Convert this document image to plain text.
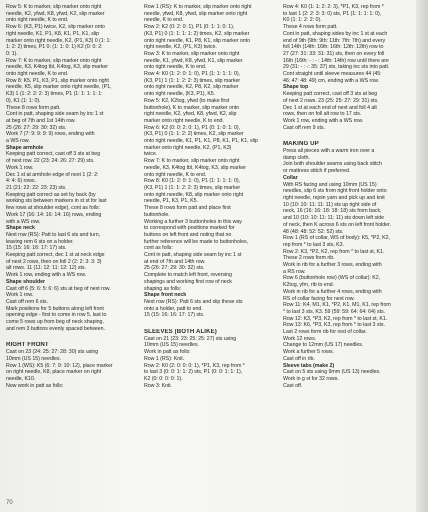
Row 5: K to marker, slip marker onto right
needle, K2, yfwd, K8, yfwd, K2, slip marker
onto right needle, K to end.
Row 6: (K3, P1) twice, K2, slip marker onto
right needle, K1, P1, K8, K1, P1, K1, slip
marker onto right needle, K2, (P1, K3) 0 (1: 1:
1: 2: 2) times, P1 0: (1: 1: 0: 1) K2 (0: 0: 2:
0: 1).
Row 7: K to marker, slip marker onto right
needle, K3, K4tog tbl, K4tog, K3, slip marker
onto right needle, K to end.
Row 8: K5, P1, K3, P1, slip marker onto right
needle, K5, slip marker onto right needle, (P1,
K3) 1 (1: 2: 2: 2: 3) times, P1 (1: 1: 1: 1: 1:
0), K1 (1: 1: 0).
These 8 rows form patt.
Cont in patt, shaping side seam by inc 1 st
at beg of 7th and 1st 14th row.
25 (26: 27: 29: 30: 32) sts.
Work 7 (7: 9: 9: 9: 9) rows, ending with
a WS row.
Shape armhole
Keeping patt correct, cast off 3 sts at beg
of next row. 22 (23: 24: 26: 27: 29) sts.
Work 1 row.
Dec 1 st at armhole edge of next 1 (2: 2:
4: 4: 6) rows.
21 (21: 22: 22: 23: 23) sts.
Keeping patt correct as set by back (by
working sts between markers in st st for last
few rows at shoulder edge), cont as folls:
Work 17 (16: 14: 16: 14: 16) rows, ending
with a WS row.
Shape neck
Next row (RS): Patt to last 6 sts and turn,
leaving rem 6 sts on a holder.
15 (15: 16: 16: 17: 17) sts.
Keeping patt correct, dec 1 st at neck edge
of next 2 rows, then on foll 2 (2: 2: 3: 3: 3)
alt rows. 11 (11: 12: 11: 12: 12) sts.
Work 1 row, ending with a WS row.
Shape shoulder
Cast off 6 (5: 6: 5: 6: 6) sts at beg of next row.
Work 1 row.
Cast off rem 6 sts.
Mark positions for 5 buttons along left front
opening edge - first to come in row 5, last to
come 5 rows up from beg of neck shaping,
and rem 3 buttons evenly spaced between.
RIGHT FRONT
Cast on 23 (24: 25: 27: 28: 30) sts using
10mm (US 15) needles.
Row 1 (WS): K5 (6: 7: 9: 10: 12), place marker
on right needle, K8, place marker on right
needle, K10.
Now work in patt as folls:
Row 1 (RS): K to marker, slip marker onto right
needle, yfwd, K8, yfwd, slip marker onto right
needle, K to end.
Row 2: K2 (0: 2: 0: 1), P1 (0: 1: 1: 0: 1),
(K3, P1) 0 (1: 1: 1: 1: 2) times, K2, slip marker
onto right needle, K1, P8, K1, slip marker onto
right needle, K2, (P1, K3) twice.
Row 3: K to marker, slip marker onto right
needle, K1, yfwd, K8, yfwd, K1, slip marker
onto right needle, K to end.
Row 4: K0 (1: 2: 0: 1: 0), P1 (1: 1: 1: 1: 0),
(K3, P1) 1 (1: 1: 2: 2: 3) times, slip marker
onto right needle, K2, P8, K2, slip marker
onto right needle, (K3, P1), K5.
Row 5: K2, K2tog, yfwd (to make first
buttonhole), K to marker, slip marker onto
right needle, K2, yfwd, K8, yfwd, K2, slip
marker onto right needle, K to end.
Row 6: K2 (0: 0: 2: 0: 1), P1 (0: 1: 0: 1: 0),
(K3, P1) 0 (1: 1: 2: 2) times, K2, slip marker
onto right needle, K1, P1, K1, P8, K1, P1, K1, slip
marker onto right needle, K2, (P1, K3)
twice.
Row 7: K to marker, slip marker onto right
needle, K3, K4tog tbl, K4tog, K3, slip marker
onto right needle, K to end.
Row 8: K0 (1: 2: 0: 1: 0), P1 (1: 1: 1: 1: 0),
(K3, P1) 1 (1: 1: 2: 2: 3) times, slip marker
onto right needle, K8, slip marker onto right
needle, P1, K3, P1, K5.
These 8 rows form patt and place first
buttonhole.
Working a further 3 buttonholes in this way
to correspond with positions marked for
buttons on left front and noting that no
further reference will be made to buttonholes,
cont as folls:
Cont in patt, shaping side seam by inc 1 st
at end of 7th and 14th row.
25 (26: 27: 29: 30: 32) sts.
Complete to match left front, reversing
shapings and working first row of neck
shaping as folls:
Shape front neck
Next row (RS): Patt 6 sts and slip these sts
onto a holder, patt to end.
15 (15: 16: 16: 17: 17) sts.
SLEEVES (BOTH ALIKE)
Cast on 21 (23: 23: 25: 25: 27) sts using
10mm (US 15) needles.
Work in patt as folls:
Row 1 (RS): Knit.
Row 2: K0 (2: 0: 0: 0: 1), *P1, K3, rep from *
to last 3 (0: 0: 1: 1: 2) sts, P1 (0: 0: 1: 1: 1),
K2 (0: 0: 0: 0: 1).
Row 3: Knit.
Row 4: K0 (1: 1: 2: 2: 3), *P1, K3, rep from *
to last 1 (2: 2: 3: 3: 0) sts, P1 (1: 1: 1: 1: 0),
K0 (1: 1: 2: 2: 0).
These 4 rows form patt.
Cont in patt, shaping sides by inc 1 st at each
end of 9th (9th: 9th: 11th: 7th: 7th) and every
foll 14th (14th: 16th: 16th: 12th: 12th) row to
27 (27: 31: 33: 31: 31) sts, then on every foll
16th (16th: - : - : 14th: 14th) row until there are
29 (31: - : -: 35: 37) sts, taking inc sts into patt.
Cont straight until sleeve measures 44 (45:
46: 47: 48: 49) cm, ending with a WS row.
Shape top
Keeping patt correct, cast off 3 sts at beg
of next 2 rows. 23 (25: 25: 27: 29: 31) sts.
Dec 1 st at each end of next and foll 4 alt
rows, then on foll alt row to 17 sts.
Work 1 row, ending with a WS row.
Cast off rem 9 sts.
MAKING UP
Press all pieces with a warm iron over a
damp cloth.
Join both shoulder seams using back stitch
or mattress stitch if preferred.
Collar
With RS facing and using 10mm (US 15)
needles, slip 6 sts from right front holder onto
right needle, rejoin yarn and pick up and knit
10 (10: 10: 11: 11: 11) sts up right side of
neck, 16 (16: 16: 18: 18: 18) sts from back,
and 10 (10: 10: 11: 11: 11) sts down left side
of neck, then K across 6 sts on left front holder.
48 (48: 48: 52: 52: 52) sts.
Row 1 (RS of collar, WS of body): K5, *P2, K2,
rep from * to last 3 sts, K3.
Row 2: K3, *P2, K2, rep from * to last st, K1.
These 2 rows form rib.
Work in rib for a further 3 rows, ending with
a RS row.
Row 6 (buttonhole row) (WS of collar): K2,
K2tog, yfrn, rib to end.
Work in rib for a further 4 rows, ending with
RS of collar facing for next row.
Row 11: K4, M1, K1, *P2, K1, M1, K1, rep from
* to last 3 sts, K3. 59 (59: 59: 64: 64: 64) sts.
Row 12: K3, *P3, K2, rep from * to last st, K1.
Row 13: K6, *P3, K3, rep from * to last 3 sts.
Last 2 rows form rib for rest of collar.
Work 12 rows.
Change to 12mm (US 17) needles.
Work a further 5 rows.
Cast off in rib.
Sleeve tabs (make 2)
Cast on 5 sts using 9mm (US 13) needles.
Work in g st for 32 rows.
Cast off.
70
